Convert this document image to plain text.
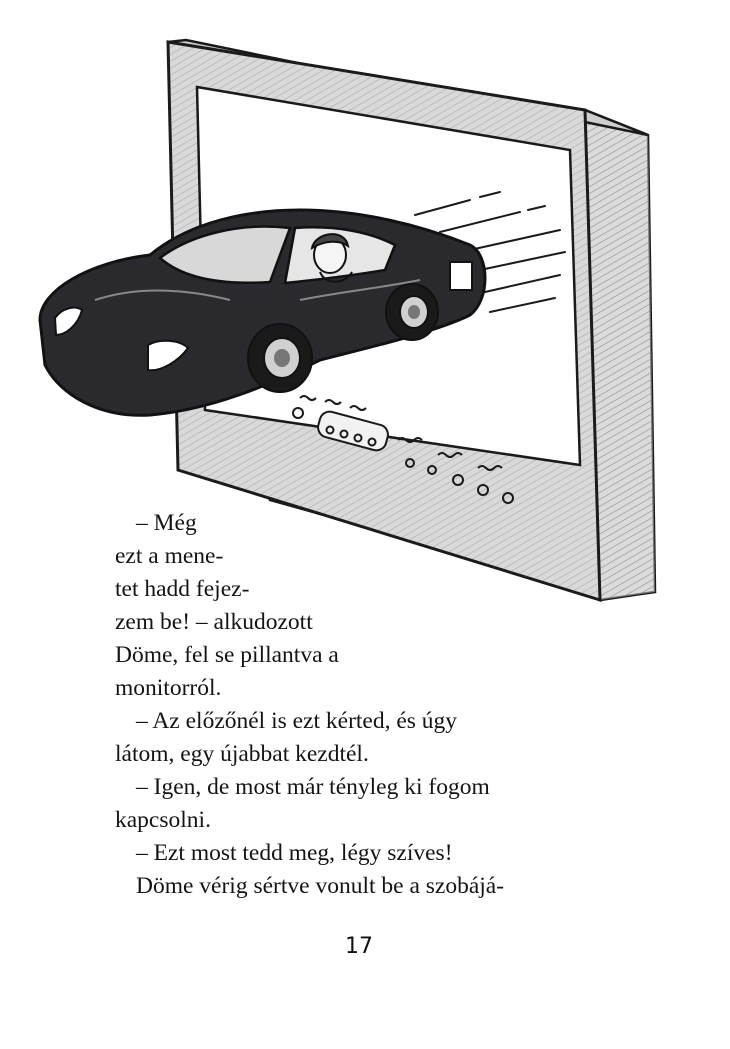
– Még
ezt a mene-
tet hadd fejez-
zem be! – alkudozott
Döme, fel se pillantva a
monitorról.
– Az előzőnél is ezt kérted, és úgy
látom, egy újabbat kezdtél.
– Igen, de most már tényleg ki fogom
kapcsolni.
– Ezt most tedd meg, légy szíves!
Döme vérig sértve vonult be a szobájá-
17
